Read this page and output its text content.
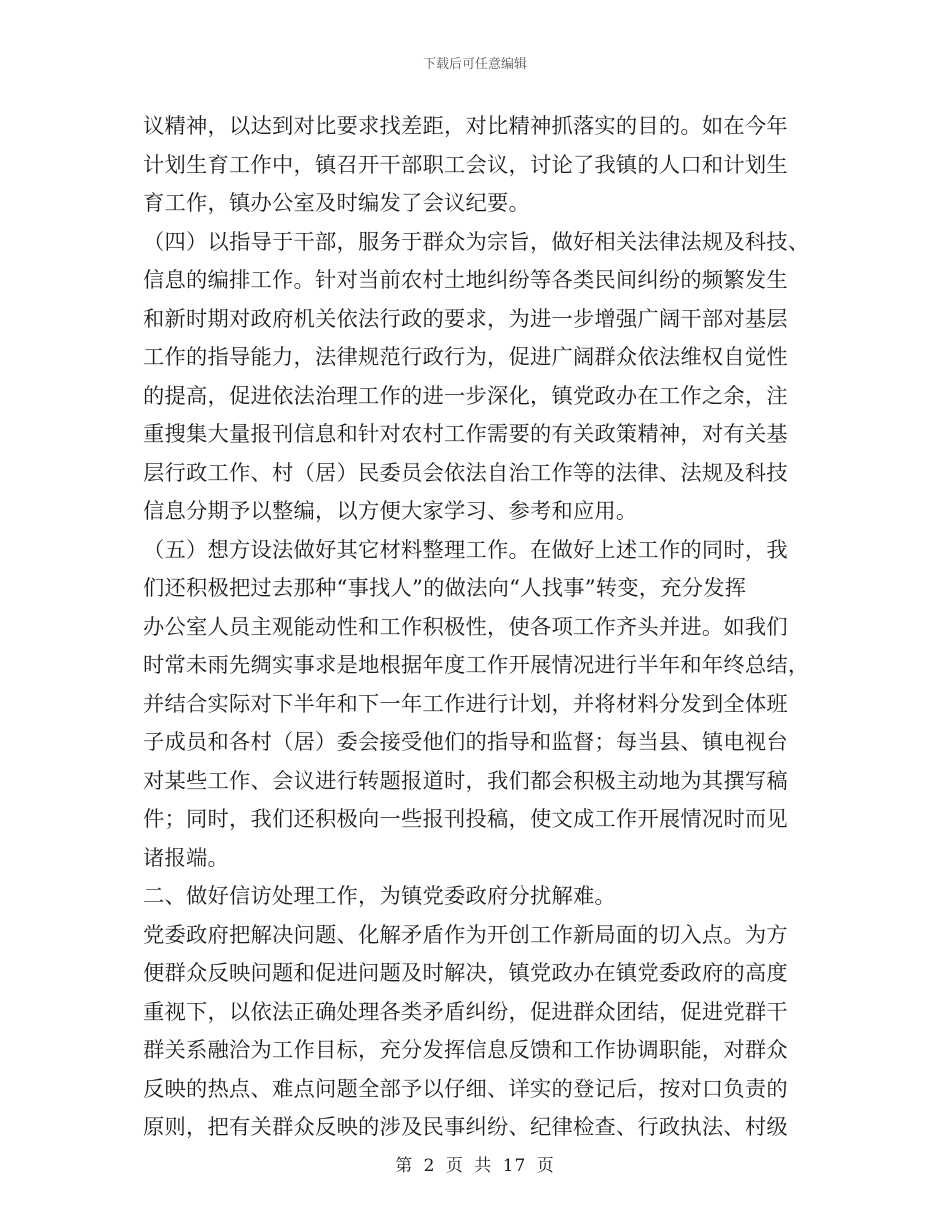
下载后可任意编辑
议精神，以达到对比要求找差距，对比精神抓落实的目的。如在今年
计划生育工作中，镇召开干部职工会议，讨论了我镇的人口和计划生
育工作，镇办公室及时编发了会议纪要。
（四）以指导于干部，服务于群众为宗旨，做好相关法律法规及科技、
信息的编排工作。针对当前农村土地纠纷等各类民间纠纷的频繁发生
和新时期对政府机关依法行政的要求，为进一步增强广阔干部对基层
工作的指导能力，法律规范行政行为，促进广阔群众依法维权自觉性
的提高，促进依法治理工作的进一步深化，镇党政办在工作之余，注
重搜集大量报刊信息和针对农村工作需要的有关政策精神，对有关基
层行政工作、村（居）民委员会依法自治工作等的法律、法规及科技
信息分期予以整编，以方便大家学习、参考和应用。
（五）想方设法做好其它材料整理工作。在做好上述工作的同时，我
们还积极把过去那种“事找人”的做法向“人找事”转变，充分发挥
办公室人员主观能动性和工作积极性，使各项工作齐头并进。如我们
时常未雨先绸实事求是地根据年度工作开展情况进行半年和年终总结，
并结合实际对下半年和下一年工作进行计划，并将材料分发到全体班
子成员和各村（居）委会接受他们的指导和监督；每当县、镇电视台
对某些工作、会议进行转题报道时，我们都会积极主动地为其撰写稿
件；同时，我们还积极向一些报刊投稿，使文成工作开展情况时而见
诸报端。
二、做好信访处理工作，为镇党委政府分扰解难。
党委政府把解决问题、化解矛盾作为开创工作新局面的切入点。为方
便群众反映问题和促进问题及时解决，镇党政办在镇党委政府的高度
重视下，以依法正确处理各类矛盾纠纷，促进群众团结，促进党群干
群关系融洽为工作目标，充分发挥信息反馈和工作协调职能，对群众
反映的热点、难点问题全部予以仔细、详实的登记后，按对口负责的
原则，把有关群众反映的涉及民事纠纷、纪律检查、行政执法、村级
第 2 页 共 17 页
